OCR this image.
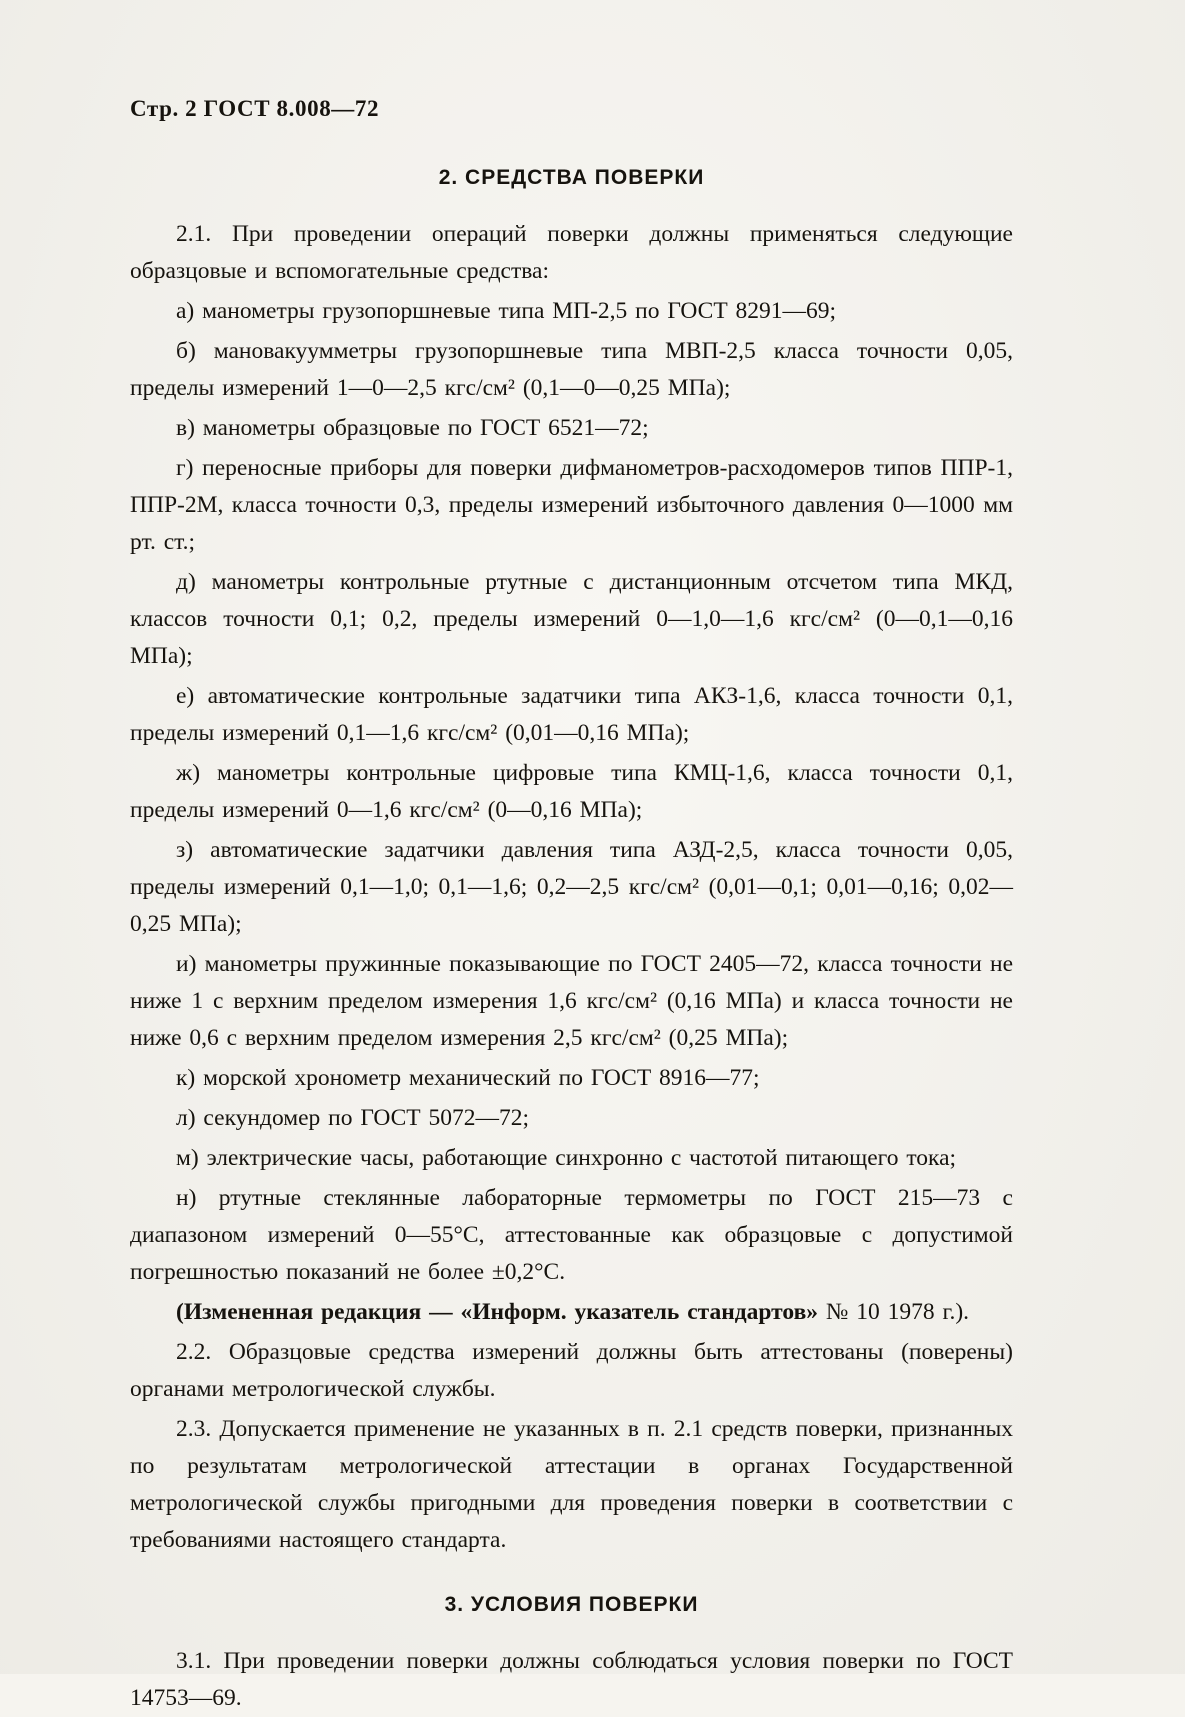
Стр. 2 ГОСТ 8.008—72
2. СРЕДСТВА ПОВЕРКИ

2.1. При проведении операций поверки должны применяться следующие образцовые и вспомогательные средства:

а) манометры грузопоршневые типа МП-2,5 по ГОСТ 8291—69;

б) мановакуумметры грузопоршневые типа МВП-2,5 класса точности 0,05, пределы измерений 1—0—2,5 кгс/см² (0,1—0—0,25 МПа);

в) манометры образцовые по ГОСТ 6521—72;

г) переносные приборы для поверки дифманометров-расходомеров типов ППР-1, ППР-2М, класса точности 0,3, пределы измерений избыточного давления 0—1000 мм рт. ст.;

д) манометры контрольные ртутные с дистанционным отсчетом типа МКД, классов точности 0,1; 0,2, пределы измерений 0—1,0—1,6 кгс/см² (0—0,1—0,16 МПа);

е) автоматические контрольные задатчики типа АКЗ-1,6, класса точности 0,1, пределы измерений 0,1—1,6 кгс/см² (0,01—0,16 МПа);

ж) манометры контрольные цифровые типа КМЦ-1,6, класса точности 0,1, пределы измерений 0—1,6 кгс/см² (0—0,16 МПа);

з) автоматические задатчики давления типа АЗД-2,5, класса точности 0,05, пределы измерений 0,1—1,0; 0,1—1,6; 0,2—2,5 кгс/см² (0,01—0,1; 0,01—0,16; 0,02—0,25 МПа);

и) манометры пружинные показывающие по ГОСТ 2405—72, класса точности не ниже 1 с верхним пределом измерения 1,6 кгс/см² (0,16 МПа) и класса точности не ниже 0,6 с верхним пределом измерения 2,5 кгс/см² (0,25 МПа);

к) морской хронометр механический по ГОСТ 8916—77;

л) секундомер по ГОСТ 5072—72;

м) электрические часы, работающие синхронно с частотой питающего тока;

н) ртутные стеклянные лабораторные термометры по ГОСТ 215—73 с диапазоном измерений 0—55°С, аттестованные как образцовые с допустимой погрешностью показаний не более ±0,2°С.

(Измененная редакция — «Информ. указатель стандартов» № 10 1978 г.).

2.2. Образцовые средства измерений должны быть аттестованы (поверены) органами метрологической службы.

2.3. Допускается применение не указанных в п. 2.1 средств поверки, признанных по результатам метрологической аттестации в органах Государственной метрологической службы пригодными для проведения поверки в соответствии с требованиями настоящего стандарта.

3. УСЛОВИЯ ПОВЕРКИ

3.1. При проведении поверки должны соблюдаться условия поверки по ГОСТ 14753—69.
